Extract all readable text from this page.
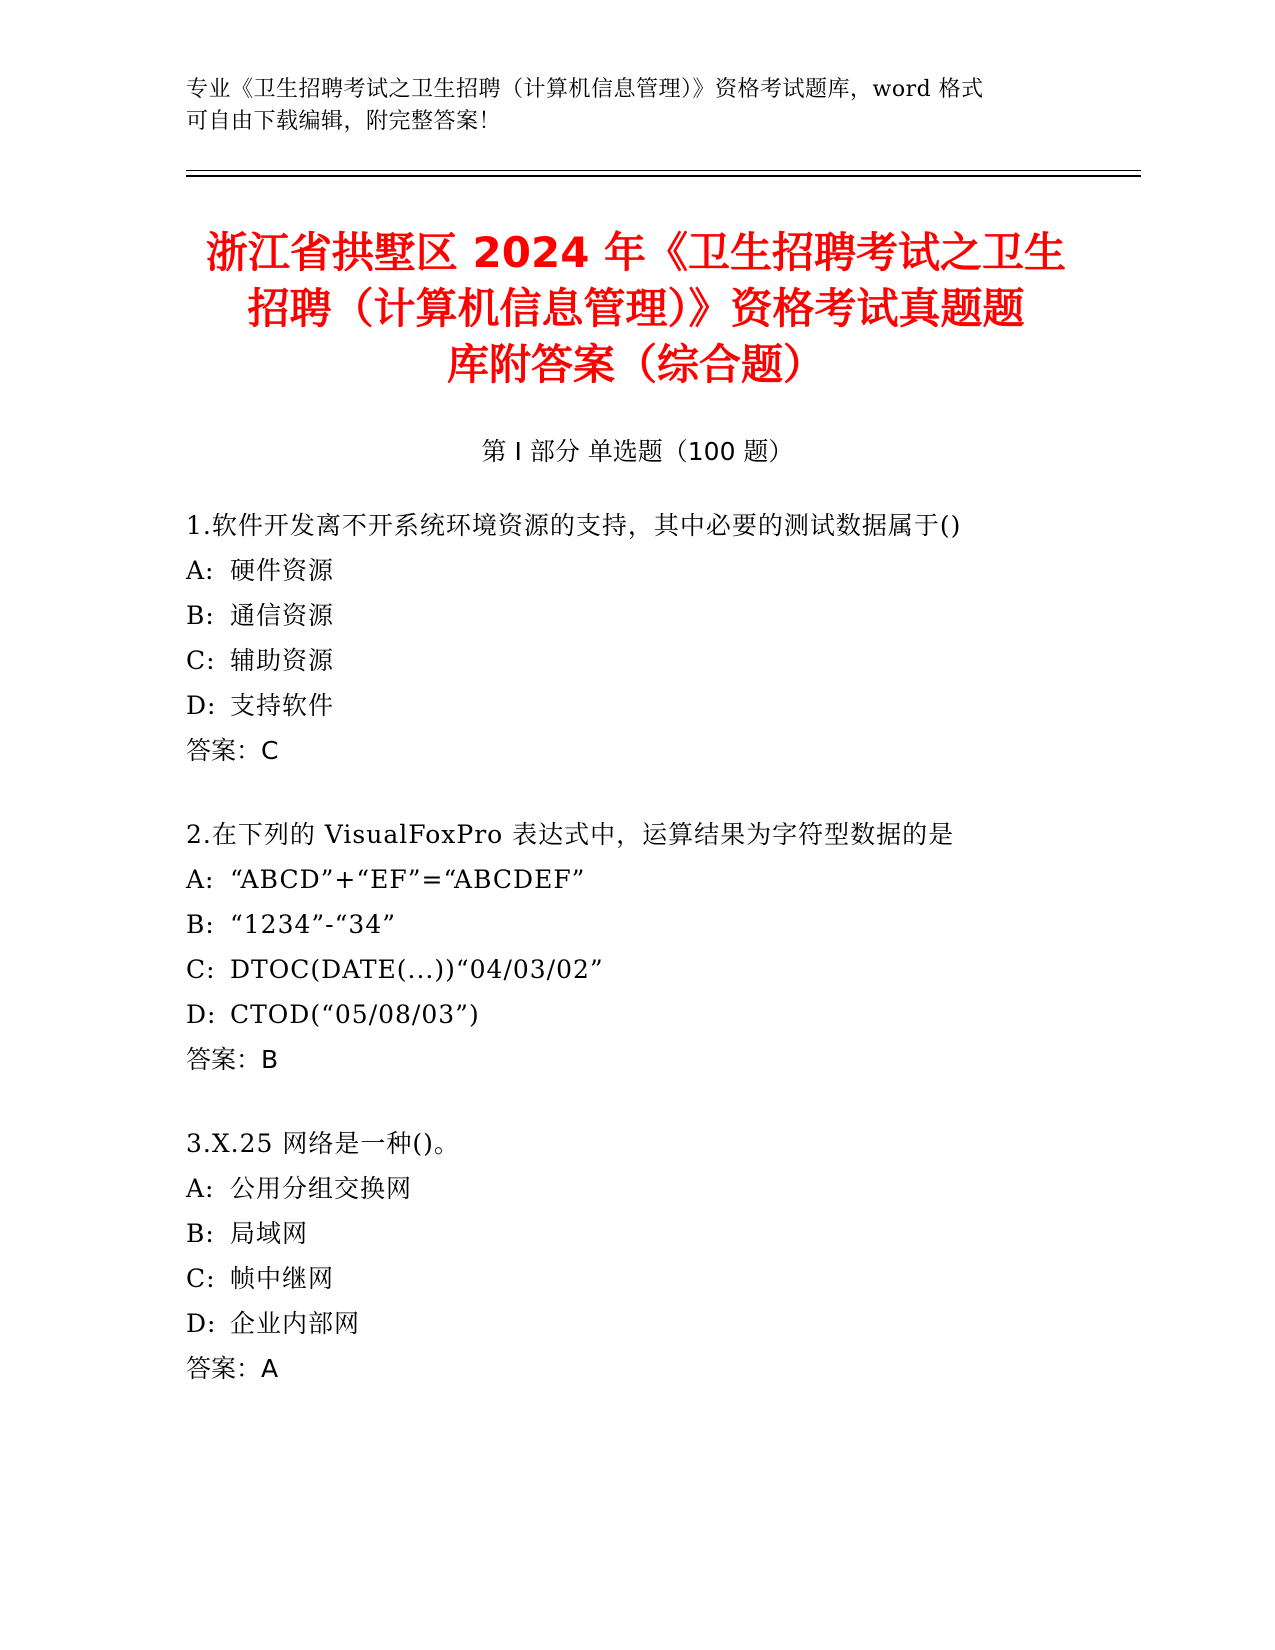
专业《卫生招聘考试之卫生招聘（计算机信息管理）》资格考试题库，word 格式
可自由下载编辑，附完整答案！
浙江省拱墅区 2024 年《卫生招聘考试之卫生
招聘（计算机信息管理）》资格考试真题题
库附答案（综合题）
第 I 部分 单选题（100 题）
1.软件开发离不开系统环境资源的支持，其中必要的测试数据属于()
A: 硬件资源
B: 通信资源
C: 辅助资源
D: 支持软件
答案：C
2.在下列的 VisualFoxPro 表达式中，运算结果为字符型数据的是
A: “ABCD”+“EF”=“ABCDEF”
B: “1234”-“34”
C: DTOC(DATE(...))“04/03/02”
D: CTOD(“05/08/03”)
答案：B
3.X.25 网络是一种()。
A: 公用分组交换网
B: 局域网
C: 帧中继网
D: 企业内部网
答案：A
